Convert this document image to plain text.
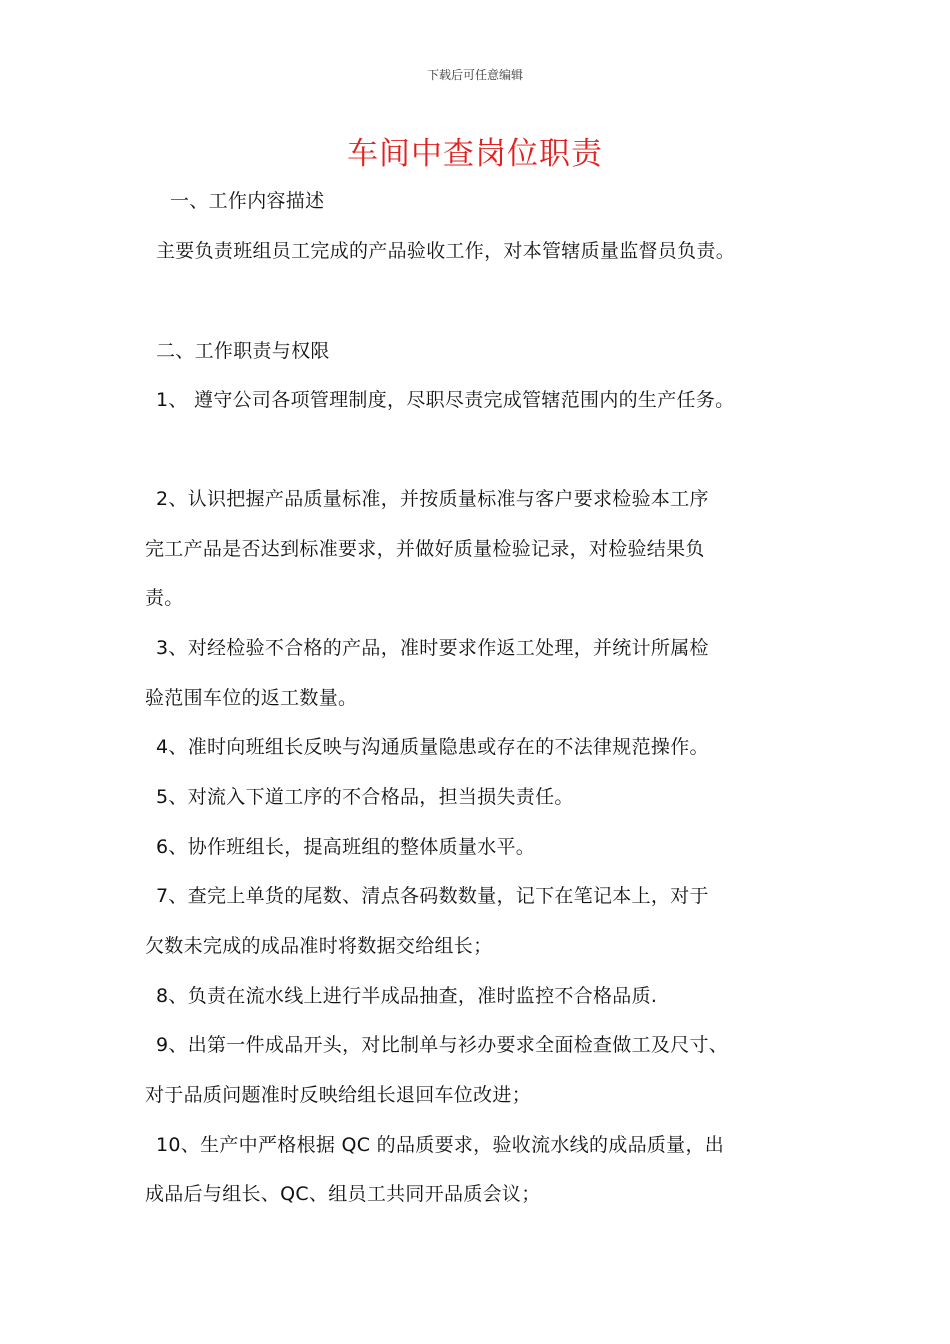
下载后可任意编辑
车间中查岗位职责
一、工作内容描述
主要负责班组员工完成的产品验收工作，对本管辖质量监督员负责。
二、工作职责与权限
1、 遵守公司各项管理制度，尽职尽责完成管辖范围内的生产任务。
2、认识把握产品质量标准，并按质量标准与客户要求检验本工序
完工产品是否达到标准要求，并做好质量检验记录，对检验结果负
责。
3、对经检验不合格的产品，准时要求作返工处理，并统计所属检
验范围车位的返工数量。
4、准时向班组长反映与沟通质量隐患或存在的不法律规范操作。
5、对流入下道工序的不合格品，担当损失责任。
6、协作班组长，提高班组的整体质量水平。
7、查完上单货的尾数、清点各码数数量，记下在笔记本上，对于
欠数未完成的成品准时将数据交给组长；
8、负责在流水线上进行半成品抽查，准时监控不合格品质.
9、出第一件成品开头，对比制单与衫办要求全面检查做工及尺寸、
对于品质问题准时反映给组长退回车位改进；
10、生产中严格根据 QC 的品质要求，验收流水线的成品质量，出
成品后与组长、QC、组员工共同开品质会议；
